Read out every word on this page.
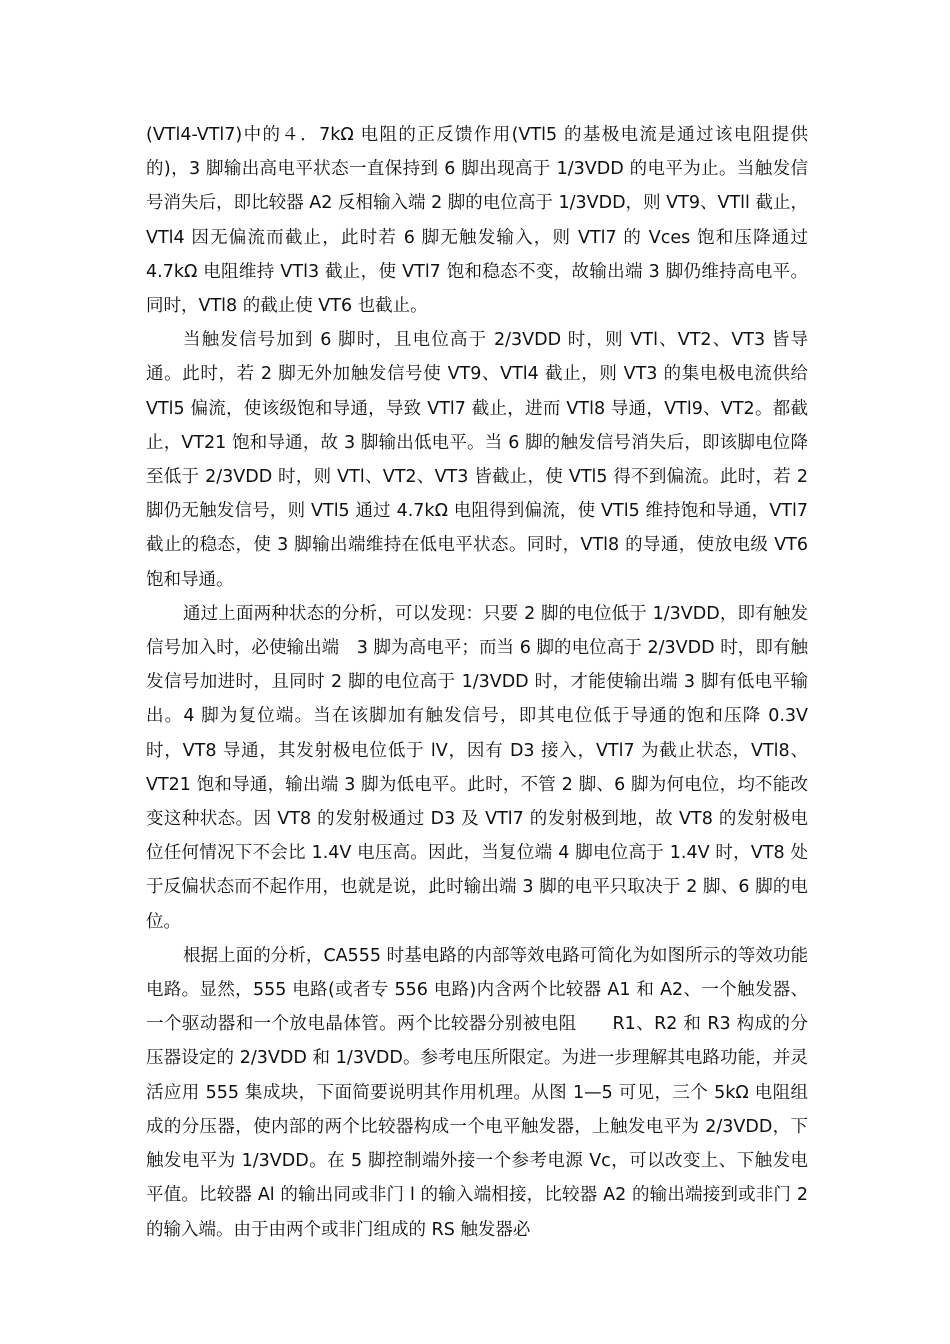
(VTl4-VTl7)中的４．7kΩ 电阻的正反馈作用(VTl5 的基极电流是通过该电阻提供的)，3 脚输出高电平状态一直保持到 6 脚出现高于 1/3VDD 的电平为止。当触发信号消失后，即比较器 A2 反相输入端 2 脚的电位高于 1/3VDD，则 VT9、VTll 截止，VTl4 因无偏流而截止，此时若 6 脚无触发输入，则 VTl7 的 Vces 饱和压降通过 4.7kΩ 电阻维持 VTl3 截止，使 VTl7 饱和稳态不变，故输出端 3 脚仍维持高电平。同时，VTl8 的截止使 VT6 也截止。

当触发信号加到 6 脚时，且电位高于 2/3VDD 时，则 VTl、VT2、VT3 皆导通。此时，若 2 脚无外加触发信号使 VT9、VTl4 截止，则 VT3 的集电极电流供给 VTl5 偏流，使该级饱和导通，导致 VTl7 截止，进而 VTl8 导通，VTl9、VT2。都截止，VT21 饱和导通，故 3 脚输出低电平。当 6 脚的触发信号消失后，即该脚电位降至低于 2/3VDD 时，则 VTl、VT2、VT3 皆截止，使 VTl5 得不到偏流。此时，若 2 脚仍无触发信号，则 VTl5 通过 4.7kΩ 电阻得到偏流，使 VTl5 维持饱和导通，VTl7 截止的稳态，使 3 脚输出端维持在低电平状态。同时，VTl8 的导通，使放电级 VT6 饱和导通。

通过上面两种状态的分析，可以发现：只要 2 脚的电位低于 1/3VDD，即有触发信号加入时，必使输出端　3 脚为高电平；而当 6 脚的电位高于 2/3VDD 时，即有触发信号加进时，且同时 2 脚的电位高于 1/3VDD 时，才能使输出端 3 脚有低电平输出。4 脚为复位端。当在该脚加有触发信号，即其电位低于导通的饱和压降 0.3V 时，VT8 导通，其发射极电位低于 lV，因有 D3 接入，VTl7 为截止状态，VTl8、VT21 饱和导通，输出端 3 脚为低电平。此时，不管 2 脚、6 脚为何电位，均不能改变这种状态。因 VT8 的发射极通过 D3 及 VTl7 的发射极到地，故 VT8 的发射极电位任何情况下不会比 1.4V 电压高。因此，当复位端 4 脚电位高于 1.4V 时，VT8 处于反偏状态而不起作用，也就是说，此时输出端 3 脚的电平只取决于 2 脚、6 脚的电位。

根据上面的分析，CA555 时基电路的内部等效电路可简化为如图所示的等效功能电路。显然，555 电路(或者专 556 电路)内含两个比较器 A1 和 A2、一个触发器、一个驱动器和一个放电晶体管。两个比较器分别被电阻　　R1、R2 和 R3 构成的分压器设定的 2/3VDD 和 1/3VDD。参考电压所限定。为进一步理解其电路功能，并灵活应用 555 集成块，下面简要说明其作用机理。从图 1—5 可见，三个 5kΩ 电阻组成的分压器，使内部的两个比较器构成一个电平触发器，上触发电平为 2/3VDD，下触发电平为 1/3VDD。在 5 脚控制端外接一个参考电源 Vc，可以改变上、下触发电平值。比较器 Al 的输出同或非门 l 的输入端相接，比较器 A2 的输出端接到或非门 2 的输入端。由于由两个或非门组成的 RS 触发器必
